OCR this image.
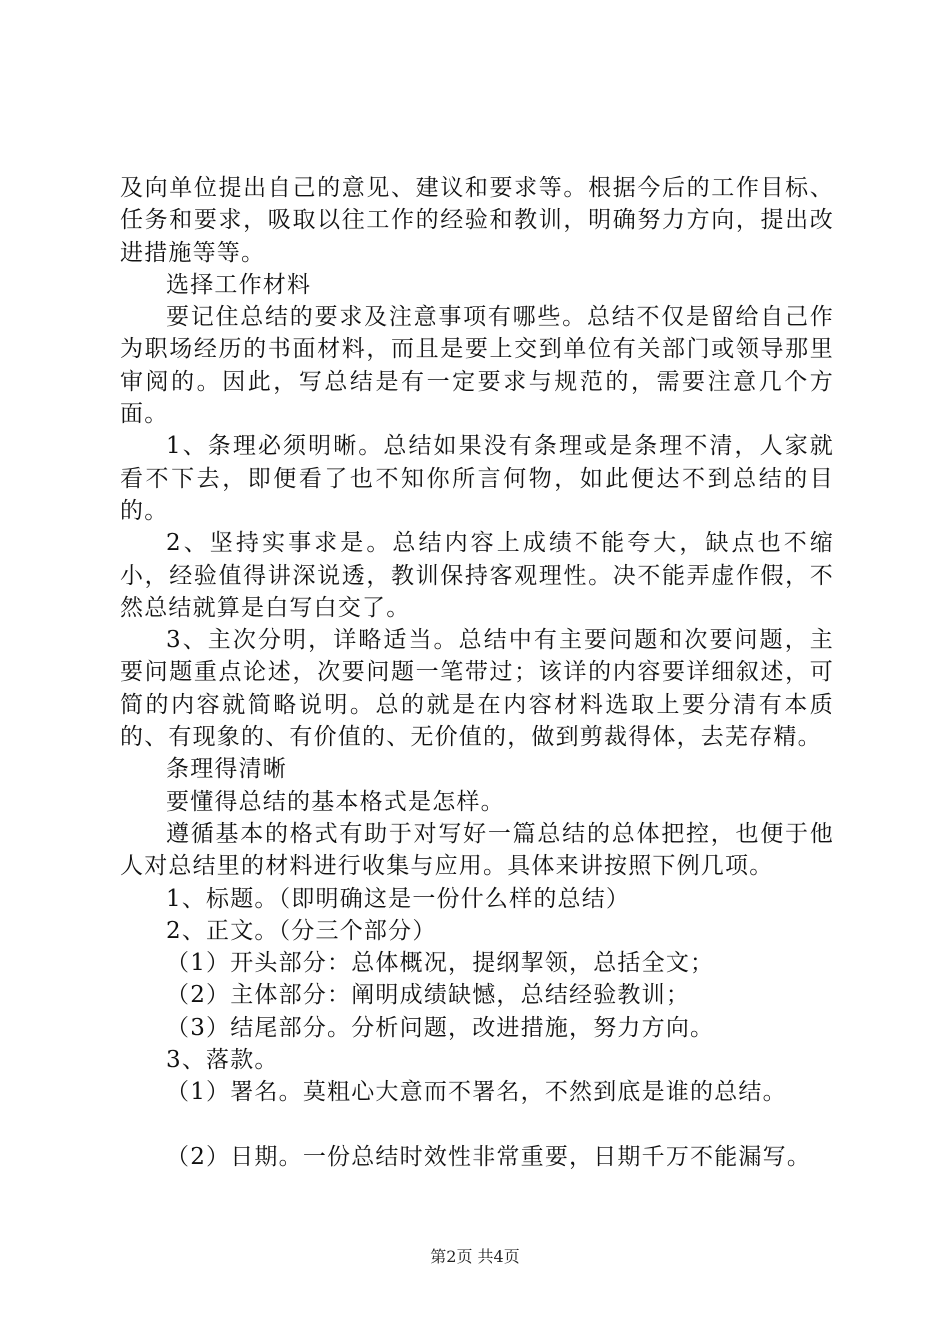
及向单位提出自己的意见、建议和要求等。根据今后的工作目标、任务和要求，吸取以往工作的经验和教训，明确努力方向，提出改进措施等等。

选择工作材料

要记住总结的要求及注意事项有哪些。总结不仅是留给自己作为职场经历的书面材料，而且是要上交到单位有关部门或领导那里审阅的。因此，写总结是有一定要求与规范的，需要注意几个方面。

1、条理必须明晰。总结如果没有条理或是条理不清，人家就看不下去，即便看了也不知你所言何物，如此便达不到总结的目的。

2、坚持实事求是。总结内容上成绩不能夸大，缺点也不缩小，经验值得讲深说透，教训保持客观理性。决不能弄虚作假，不然总结就算是白写白交了。

3、主次分明，详略适当。总结中有主要问题和次要问题，主要问题重点论述，次要问题一笔带过；该详的内容要详细叙述，可简的内容就简略说明。总的就是在内容材料选取上要分清有本质的、有现象的、有价值的、无价值的，做到剪裁得体，去芜存精。

条理得清晰

要懂得总结的基本格式是怎样。

遵循基本的格式有助于对写好一篇总结的总体把控，也便于他人对总结里的材料进行收集与应用。具体来讲按照下例几项。

1、标题。（即明确这是一份什么样的总结）

2、正文。（分三个部分）

（1）开头部分：总体概况，提纲挈领，总括全文；

（2）主体部分：阐明成绩缺憾，总结经验教训；

（3）结尾部分。分析问题，改进措施，努力方向。

3、落款。

（1）署名。莫粗心大意而不署名，不然到底是谁的总结。

（2）日期。一份总结时效性非常重要，日期千万不能漏写。

第2页 共4页
